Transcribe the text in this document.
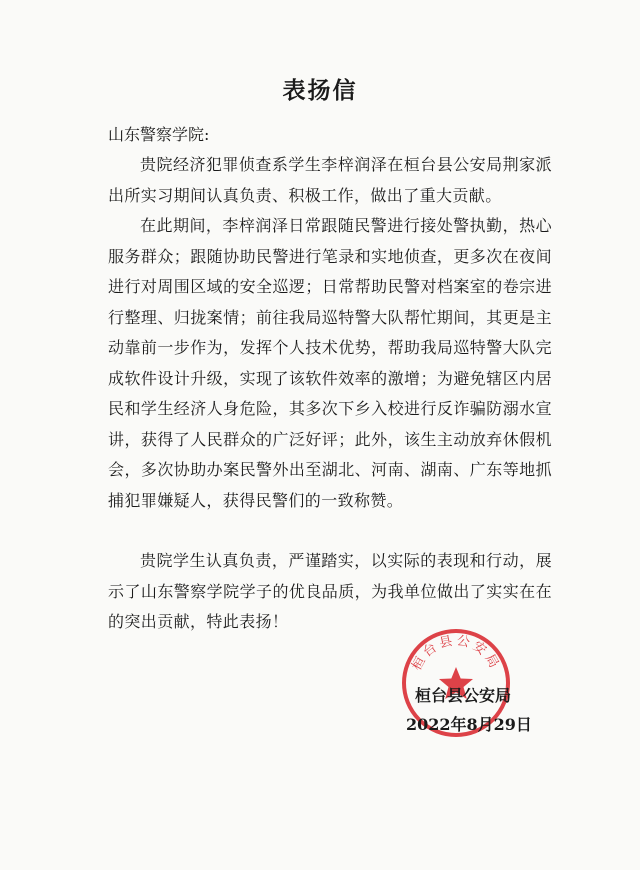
表扬信
山东警察学院:
贵院经济犯罪侦查系学生李梓润泽在桓台县公安局荆家派出所实习期间认真负责、积极工作，做出了重大贡献。
在此期间，李梓润泽日常跟随民警进行接处警执勤，热心服务群众；跟随协助民警进行笔录和实地侦查，更多次在夜间进行对周围区域的安全巡逻；日常帮助民警对档案室的卷宗进行整理、归拢案情；前往我局巡特警大队帮忙期间，其更是主动靠前一步作为，发挥个人技术优势，帮助我局巡特警大队完成软件设计升级，实现了该软件效率的激增；为避免辖区内居民和学生经济人身危险，其多次下乡入校进行反诈骗防溺水宣讲，获得了人民群众的广泛好评；此外，该生主动放弃休假机会，多次协助办案民警外出至湖北、河南、湖南、广东等地抓捕犯罪嫌疑人，获得民警们的一致称赞。
贵院学生认真负责，严谨踏实，以实际的表现和行动，展示了山东警察学院学子的优良品质，为我单位做出了实实在在的突出贡献，特此表扬！
桓台县公安局
桓台县公安局
2022年8月29日
